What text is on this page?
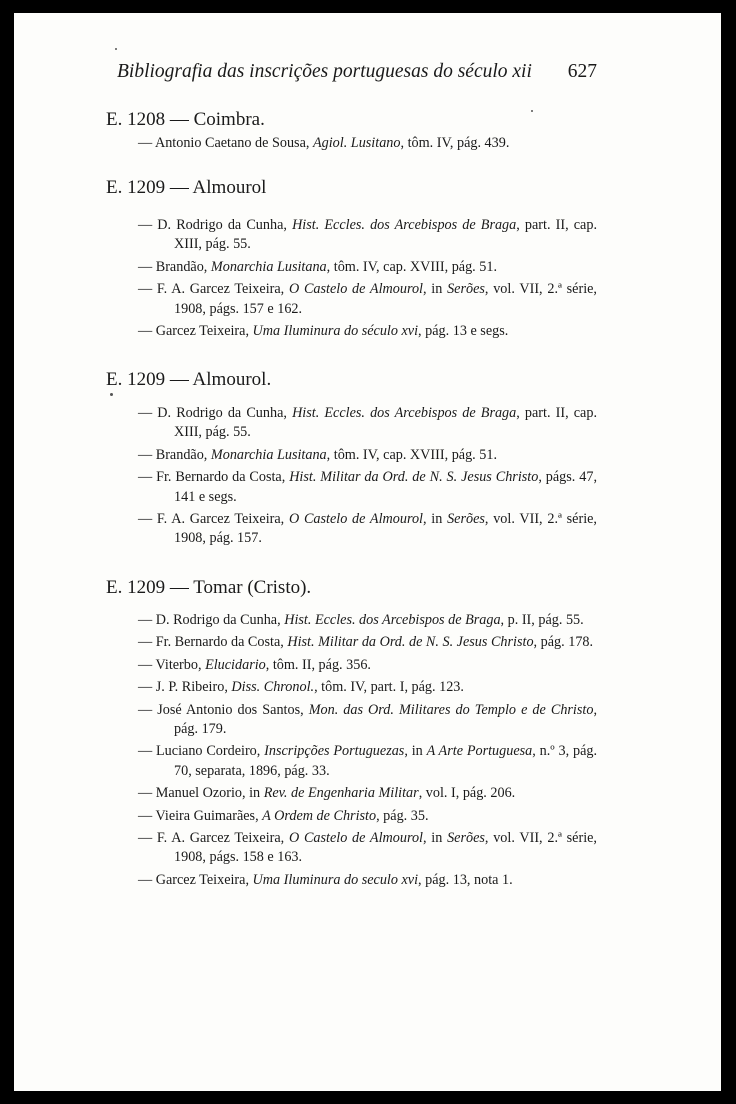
Bibliografia das inscrições portuguesas do século xii 627
E. 1208 — Coimbra.
— Antonio Caetano de Sousa, Agiol. Lusitano, tôm. IV, pág. 439.
E. 1209 — Almourol
— D. Rodrigo da Cunha, Hist. Eccles. dos Arcebispos de Braga, part. II, cap. XIII, pág. 55.
— Brandão, Monarchia Lusitana, tôm. IV, cap. XVIII, pág. 51.
— F. A. Garcez Teixeira, O Castelo de Almourol, in Serões, vol. VII, 2.ª série, 1908, págs. 157 e 162.
— Garcez Teixeira, Uma Iluminura do século xvi, pág. 13 e segs.
E. 1209 — Almourol.
— D. Rodrigo da Cunha, Hist. Eccles. dos Arcebispos de Braga, part. II, cap. XIII, pág. 55.
— Brandão, Monarchia Lusitana, tôm. IV, cap. XVIII, pág. 51.
— Fr. Bernardo da Costa, Hist. Militar da Ord. de N. S. Jesus Christo, págs. 47, 141 e segs.
— F. A. Garcez Teixeira, O Castelo de Almourol, in Serões, vol. VII, 2.ª série, 1908, pág. 157.
E. 1209 — Tomar (Cristo).
— D. Rodrigo da Cunha, Hist. Eccles. dos Arcebispos de Braga, p. II, pág. 55.
— Fr. Bernardo da Costa, Hist. Militar da Ord. de N. S. Jesus Christo, pág. 178.
— Viterbo, Elucidario, tôm. II, pág. 356.
— J. P. Ribeiro, Diss. Chronol., tôm. IV, part. I, pág. 123.
— José Antonio dos Santos, Mon. das Ord. Militares do Templo e de Christo, pág. 179.
— Luciano Cordeiro, Inscripções Portuguezas, in A Arte Portuguesa, n.º 3, pág. 70, separata, 1896, pág. 33.
— Manuel Ozorio, in Rev. de Engenharia Militar, vol. I, pág. 206.
— Vieira Guimarães, A Ordem de Christo, pág. 35.
— F. A. Garcez Teixeira, O Castelo de Almourol, in Serões, vol. VII, 2.ª série, 1908, págs. 158 e 163.
— Garcez Teixeira, Uma Iluminura do seculo xvi, pág. 13, nota 1.
